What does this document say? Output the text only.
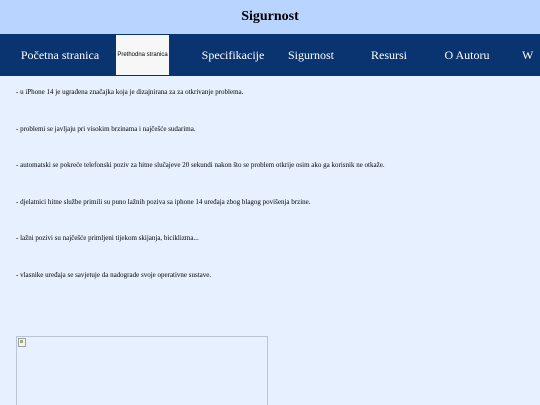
Sigurnost
Početna stranica	Prethodna stranica	Specifikacije	Sigurnost	Resursi	O Autoru	W

- u iPhone 14 je ugrađena značajka koja je dizajnirana za za otkrivanje problema.

- problemi se javljaju pri visokim brzinama i najčešće sudarima.

- automatski se pokreće telefonski poziv za hitne slučajeve 20 sekundi nakon što se problem otkrije osim ako ga korisnik ne otkaže.

- djelatnici hitne službe primili su puno lažnih poziva sa iphone 14 uređaja zbog blagog povišenja brzine.

- lažni pozivi su najčešće primljeni tijekom skijanja, biciklizma...

- vlasnike uređaja se savjetuje da nadograde svoje operativne sustave.
